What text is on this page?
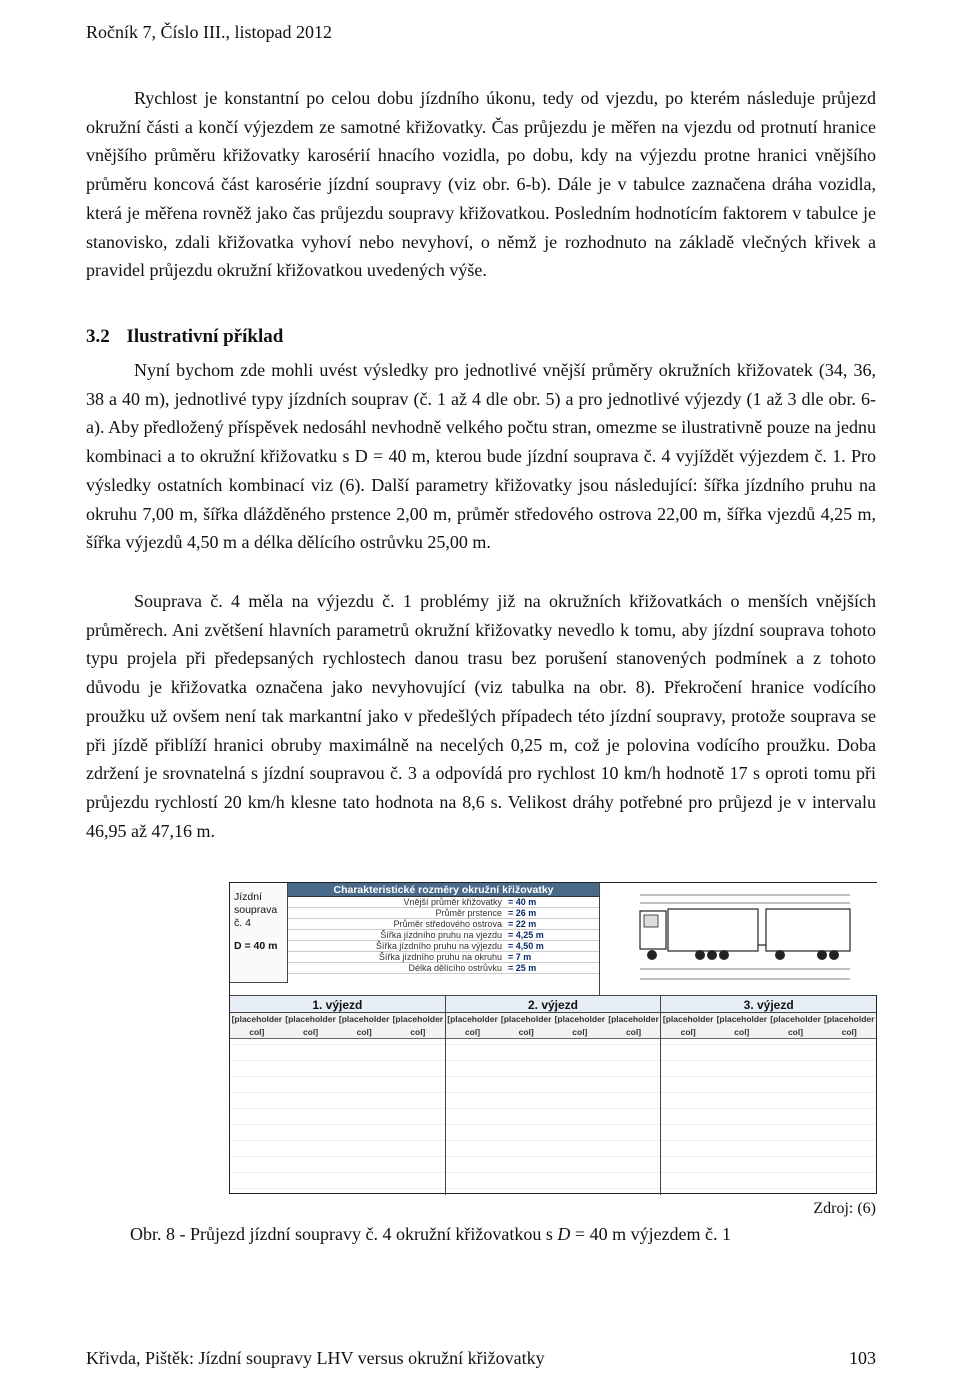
Ročník 7, Číslo III., listopad 2012
Rychlost je konstantní po celou dobu jízdního úkonu, tedy od vjezdu, po kterém následuje průjezd okružní části a končí výjezdem ze samotné křižovatky. Čas průjezdu je měřen na vjezdu od protnutí hranice vnějšího průměru křižovatky karosérií hnacího vozidla, po dobu, kdy na výjezdu protne hranici vnějšího průměru koncová část karosérie jízdní soupravy (viz obr. 6-b). Dále je v tabulce zaznačena dráha vozidla, která je měřena rovněž jako čas průjezdu soupravy křižovatkou. Posledním hodnotícím faktorem v tabulce je stanovisko, zdali křižovatka vyhoví nebo nevyhoví, o němž je rozhodnuto na základě vlečných křivek a pravidel průjezdu okružní křižovatkou uvedených výše.
3.2 Ilustrativní příklad
Nyní bychom zde mohli uvést výsledky pro jednotlivé vnější průměry okružních křižovatek (34, 36, 38 a 40 m), jednotlivé typy jízdních souprav (č. 1 až 4 dle obr. 5) a pro jednotlivé výjezdy (1 až 3 dle obr. 6-a). Aby předložený příspěvek nedosáhl nevhodně velkého počtu stran, omezme se ilustrativně pouze na jednu kombinaci a to okružní křižovatku s D = 40 m, kterou bude jízdní souprava č. 4 vyjíždět výjezdem č. 1. Pro výsledky ostatních kombinací viz (6). Další parametry křižovatky jsou následující: šířka jízdního pruhu na okruhu 7,00 m, šířka dlážděného prstence 2,00 m, průměr středového ostrova 22,00 m, šířka vjezdů 4,25 m, šířka výjezdů 4,50 m a délka dělícího ostrůvku 25,00 m.
Souprava č. 4 měla na výjezdu č. 1 problémy již na okružních křižovatkách o menších vnějších průměrech. Ani zvětšení hlavních parametrů okružní křižovatky nevedlo k tomu, aby jízdní souprava tohoto typu projela při předepsaných rychlostech danou trasu bez porušení stanovených podmínek a z tohoto důvodu je křižovatka označena jako nevyhovující (viz tabulka na obr. 8). Překročení hranice vodícího proužku už ovšem není tak markantní jako v předešlých případech této jízdní soupravy, protože souprava se při jízdě přiblíží hranici obruby maximálně na necelých 0,25 m, což je polovina vodícího proužku. Doba zdržení je srovnatelná s jízdní soupravou č. 3 a odpovídá pro rychlost 10 km/h hodnotě 17 s oproti tomu při průjezdu rychlostí 20 km/h klesne tato hodnota na 8,6 s. Velikost dráhy potřebné pro průjezd je v intervalu 46,95 až 47,16 m.
Jízdní souprava
č. 4
D = 40 m
Charakteristické rozměry okružní křižovatky
Vnější průměr křižovatky = 40 m
Průměr prstence = 26 m
Průměr středového ostrova = 22 m
Šířka jízdního pruhu na vjezdu = 4,25 m
Šířka jízdního pruhu na výjezdu = 4,50 m
Šířka jízdního pruhu na okruhu = 7 m
Délka dělícího ostrůvku = 25 m
1. výjezd
[placeholder col]
[placeholder col]
[placeholder col]
[placeholder col]
2. výjezd
[placeholder col]
[placeholder col]
[placeholder col]
[placeholder col]
3. výjezd
[placeholder col]
[placeholder col]
[placeholder col]
[placeholder col]
Zdroj: (6)
Obr. 8 - Průjezd jízdní soupravy č. 4 okružní křižovatkou s D = 40 m výjezdem č. 1
Křivda, Pištěk: Jízdní soupravy LHV versus okružní křižovatky	103
